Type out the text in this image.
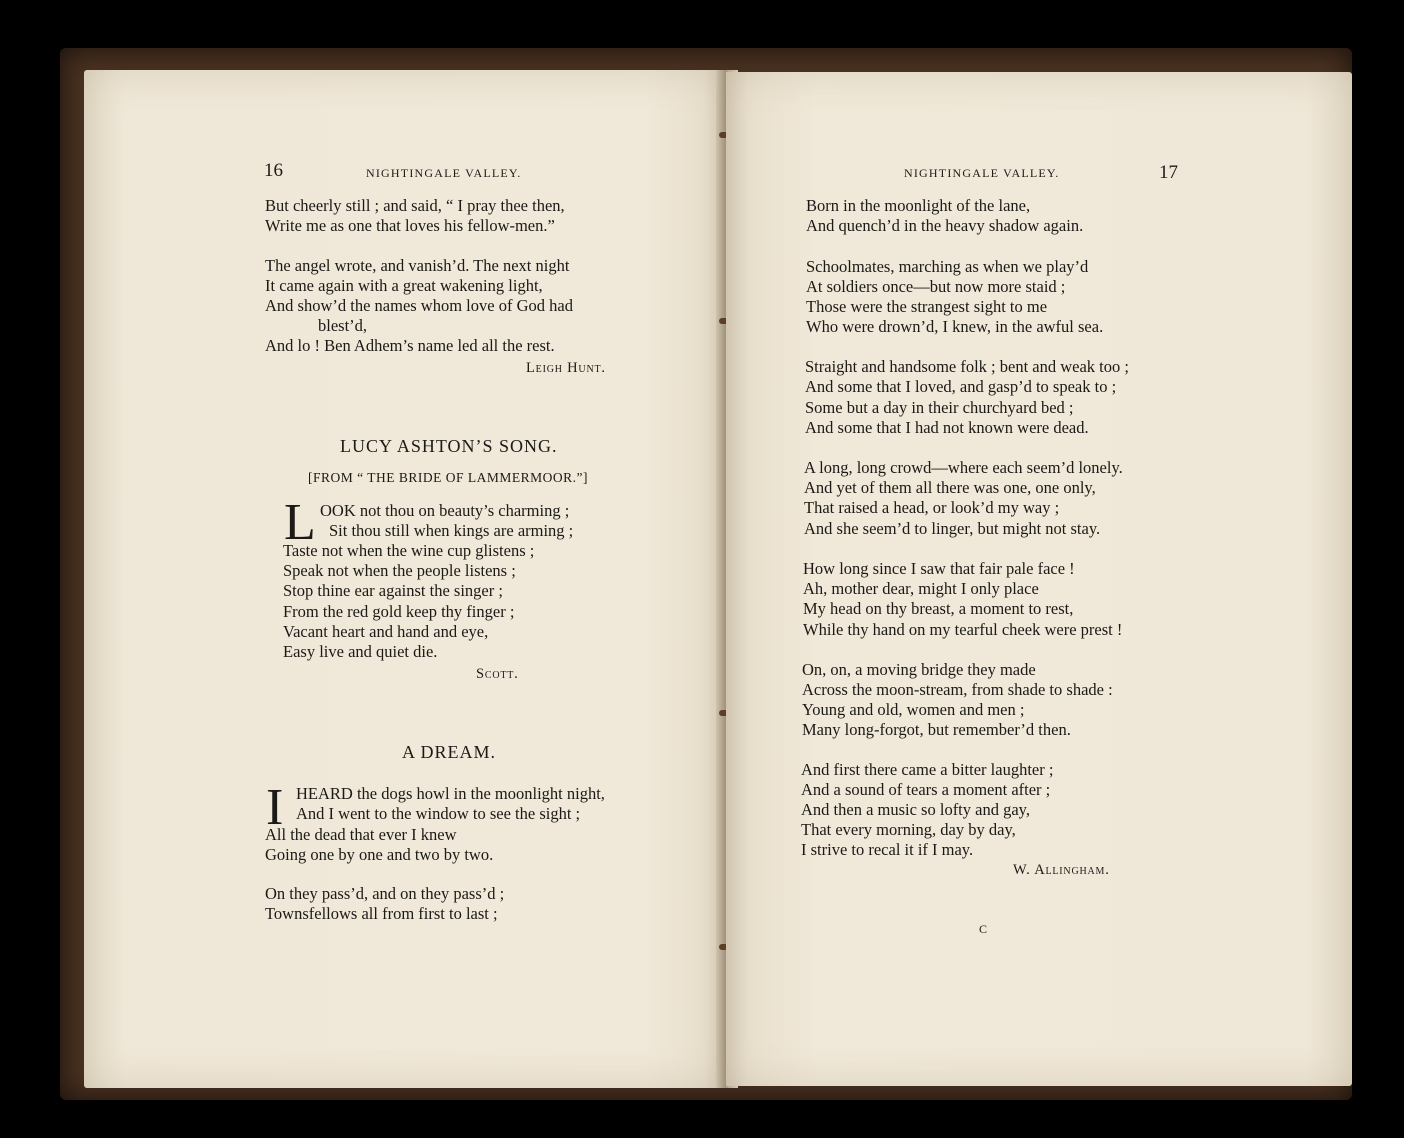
16	NIGHTINGALE VALLEY.
But cheerly still ; and said, “ I pray thee then,
Write me as one that loves his fellow-men.”
The angel wrote, and vanish’d. The next night
It came again with a great wakening light,
And show’d the names whom love of God had
blest’d,
And lo ! Ben Adhem’s name led all the rest.
Leigh Hunt.
LUCY ASHTON’S SONG.
[FROM “ THE BRIDE OF LAMMERMOOR.”]
L OOK not thou on beauty’s charming ;
Sit thou still when kings are arming ;
Taste not when the wine cup glistens ;
Speak not when the people listens ;
Stop thine ear against the singer ;
From the red gold keep thy finger ;
Vacant heart and hand and eye,
Easy live and quiet die.
Scott.
A DREAM.
I HEARD the dogs howl in the moonlight night,
And I went to the window to see the sight ;
All the dead that ever I knew
Going one by one and two by two.
On they pass’d, and on they pass’d ;
Townsfellows all from first to last ;
NIGHTINGALE VALLEY.	17
Born in the moonlight of the lane,
And quench’d in the heavy shadow again.
Schoolmates, marching as when we play’d
At soldiers once—but now more staid ;
Those were the strangest sight to me
Who were drown’d, I knew, in the awful sea.
Straight and handsome folk ; bent and weak too ;
And some that I loved, and gasp’d to speak to ;
Some but a day in their churchyard bed ;
And some that I had not known were dead.
A long, long crowd—where each seem’d lonely.
And yet of them all there was one, one only,
That raised a head, or look’d my way ;
And she seem’d to linger, but might not stay.
How long since I saw that fair pale face !
Ah, mother dear, might I only place
My head on thy breast, a moment to rest,
While thy hand on my tearful cheek were prest !
On, on, a moving bridge they made
Across the moon-stream, from shade to shade :
Young and old, women and men ;
Many long-forgot, but remember’d then.
And first there came a bitter laughter ;
And a sound of tears a moment after ;
And then a music so lofty and gay,
That every morning, day by day,
I strive to recal it if I may.
W. Allingham.
C
